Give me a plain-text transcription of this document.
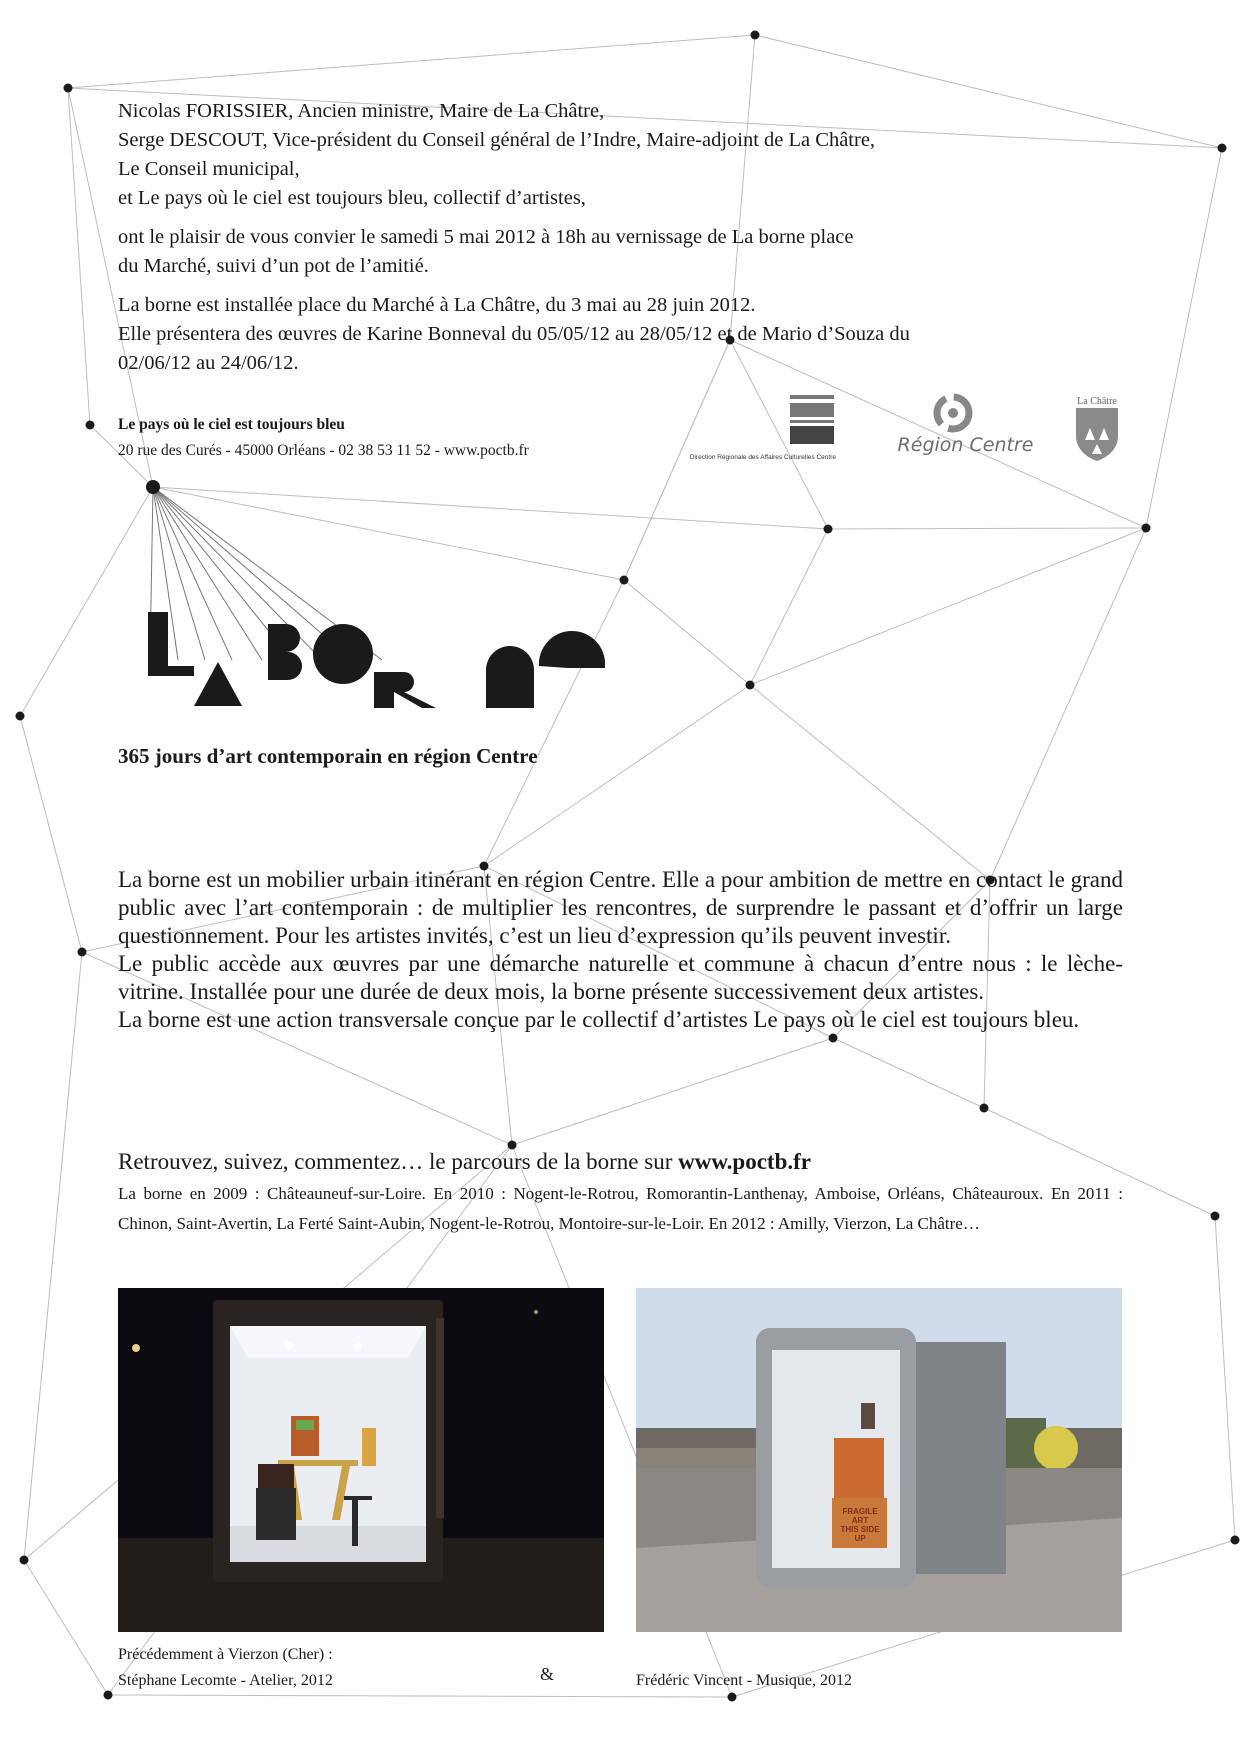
Nicolas FORISSIER, Ancien ministre, Maire de La Châtre,

Serge DESCOUT, Vice-président du Conseil général de l’Indre, Maire-adjoint de La Châtre,

Le Conseil municipal,

et Le pays où le ciel est toujours bleu, collectif d’artistes,

ont le plaisir de vous convier le samedi 5 mai 2012 à 18h au vernissage de La borne place

du Marché, suivi d’un pot de l’amitié.

La borne est installée place du Marché à La Châtre, du 3 mai au 28 juin 2012.

Elle présentera des œuvres de Karine Bonneval du 05/05/12 au 28/05/12 et de Mario d’Souza du

02/06/12 au 24/06/12.

Le pays où le ciel est toujours bleu
20 rue des Curés - 45000 Orléans - 02 38 53 11 52 - www.poctb.fr	Direction Régionale des Affaires Culturelles Centre
Région Centre
La Châtre
365 jours d’art contemporain en région Centre

La borne est un mobilier urbain itinérant en région Centre. Elle a pour ambition de mettre en contact le grand public avec l’art contemporain : de multiplier les rencontres, de surprendre le passant et d’offrir un large questionnement. Pour les artistes invités, c’est un lieu d’expression qu’ils peuvent investir.

Le public accède aux œuvres par une démarche naturelle et commune à chacun d’entre nous : le lèche-vitrine. Installée pour une durée de deux mois, la borne présente successivement deux artistes.

La borne est une action transversale conçue par le collectif d’artistes Le pays où le ciel est toujours bleu.

Retrouvez, suivez, commentez… le parcours de la borne sur www.poctb.fr
La borne en 2009 : Châteauneuf-sur-Loire. En 2010 : Nogent-le-Rotrou, Romorantin-Lanthenay, Amboise, Orléans, Châteauroux. En 2011 : Chinon, Saint-Avertin, La Ferté Saint-Aubin, Nogent-le-Rotrou, Montoire-sur-le-Loir. En 2012 : Amilly, Vierzon, La Châtre…
FRAGILE
ART
THIS SIDE
UP
Précédemment à Vierzon (Cher) :
Stéphane Lecomte - Atelier, 2012	&	Frédéric Vincent - Musique, 2012
